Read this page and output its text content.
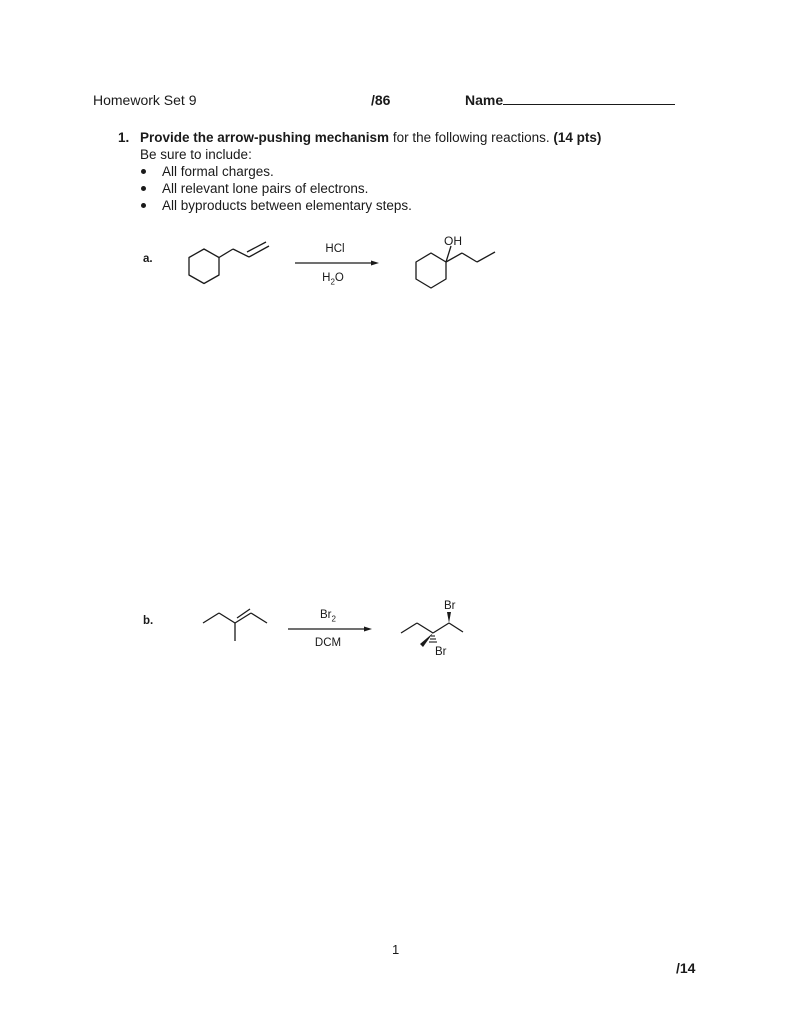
Homework Set 9	/86	Name
1. Provide the arrow-pushing mechanism for the following reactions. (14 pts)
Be sure to include:
All formal charges.
All relevant lone pairs of electrons.
All byproducts between elementary steps.
a.
HCl
$H_2O$
OH
b.	$Br_2$
DCM
Br
Br
1
/14
